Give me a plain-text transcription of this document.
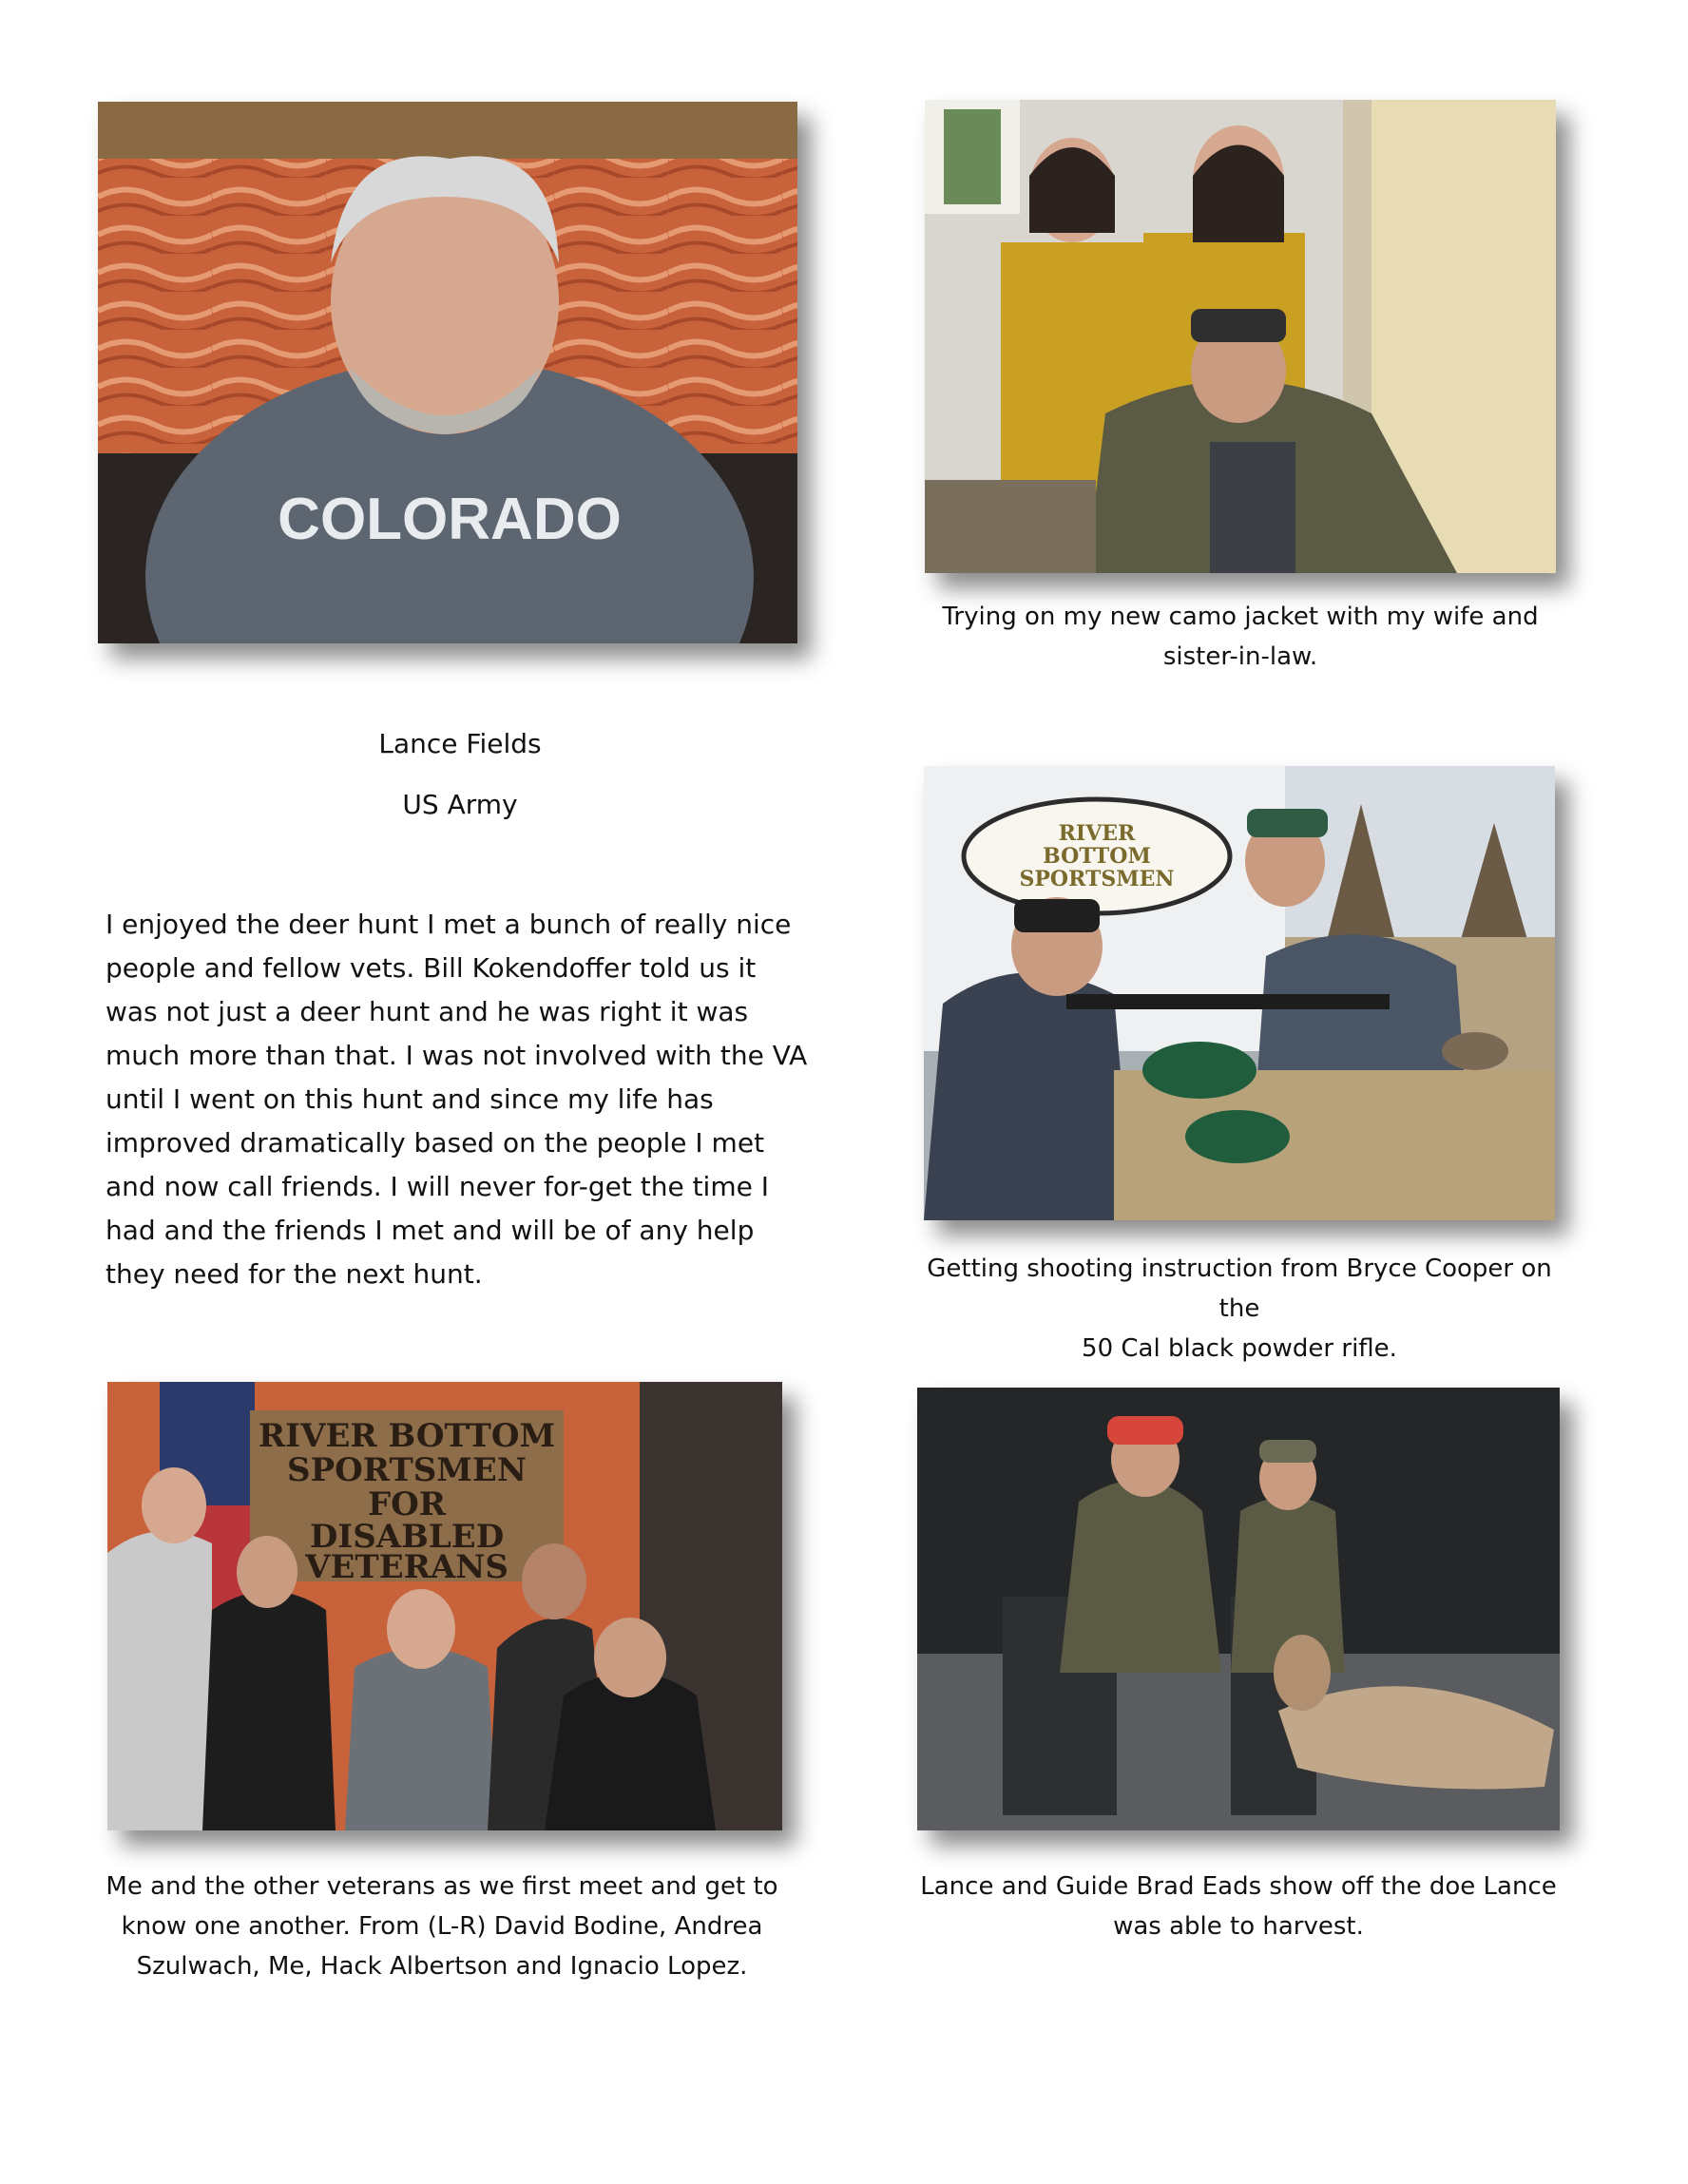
COLORADO
Trying on my new camo jacket with my wife and
sister-in-law.
Lance Fields
US Army
I enjoyed the deer hunt I met a bunch of really nice people and fellow vets. Bill Kokendoffer told us it was not just a deer hunt and he was right it was much more than that. I was not involved with the VA until I went on this hunt and since my life has improved dramatically based on the people I met and now call friends. I will never for-get the time I had and the friends I met and will be of any help they need for the next hunt.
RIVER
BOTTOM
SPORTSMEN
Getting shooting instruction from Bryce Cooper on the
50 Cal black powder rifle.
RIVER BOTTOM
SPORTSMEN
FOR
DISABLED
VETERANS
Me and the other veterans as we first meet and get to
know one another. From (L-R) David Bodine, Andrea
Szulwach, Me, Hack Albertson and Ignacio Lopez.
Lance and Guide Brad Eads show off the doe Lance
was able to harvest.
